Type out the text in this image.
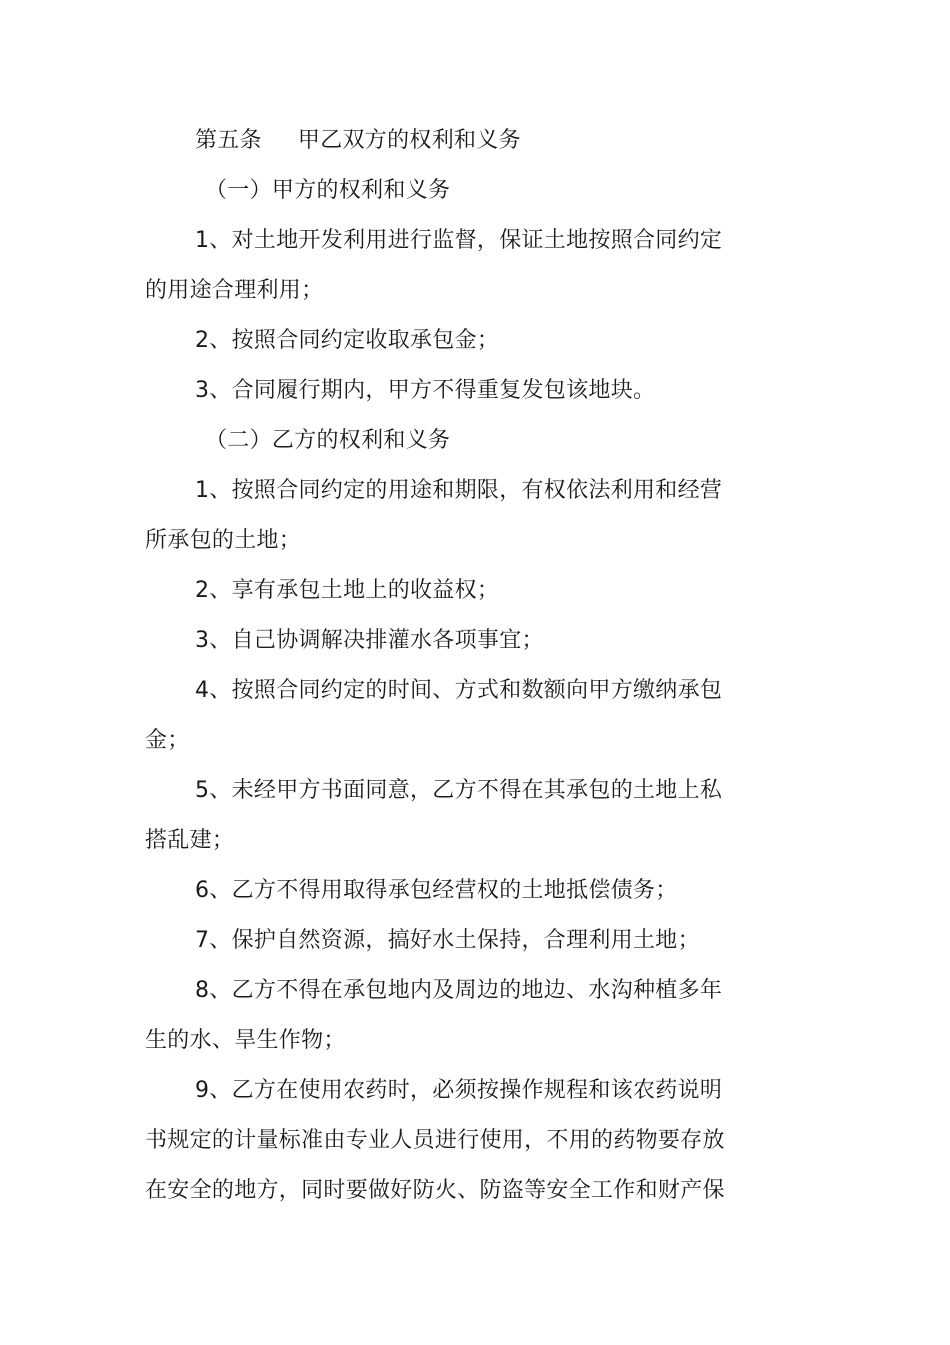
第五条 甲乙双方的权利和义务
（一）甲方的权利和义务
1、对土地开发利用进行监督，保证土地按照合同约定
的用途合理利用；
2、按照合同约定收取承包金；
3、合同履行期内，甲方不得重复发包该地块。
（二）乙方的权利和义务
1、按照合同约定的用途和期限，有权依法利用和经营
所承包的土地；
2、享有承包土地上的收益权；
3、自己协调解决排灌水各项事宜；
4、按照合同约定的时间、方式和数额向甲方缴纳承包
金；
5、未经甲方书面同意，乙方不得在其承包的土地上私
搭乱建；
6、乙方不得用取得承包经营权的土地抵偿债务；
7、保护自然资源，搞好水土保持，合理利用土地；
8、乙方不得在承包地内及周边的地边、水沟种植多年
生的水、旱生作物；
9、乙方在使用农药时，必须按操作规程和该农药说明
书规定的计量标准由专业人员进行使用，不用的药物要存放
在安全的地方，同时要做好防火、防盗等安全工作和财产保
